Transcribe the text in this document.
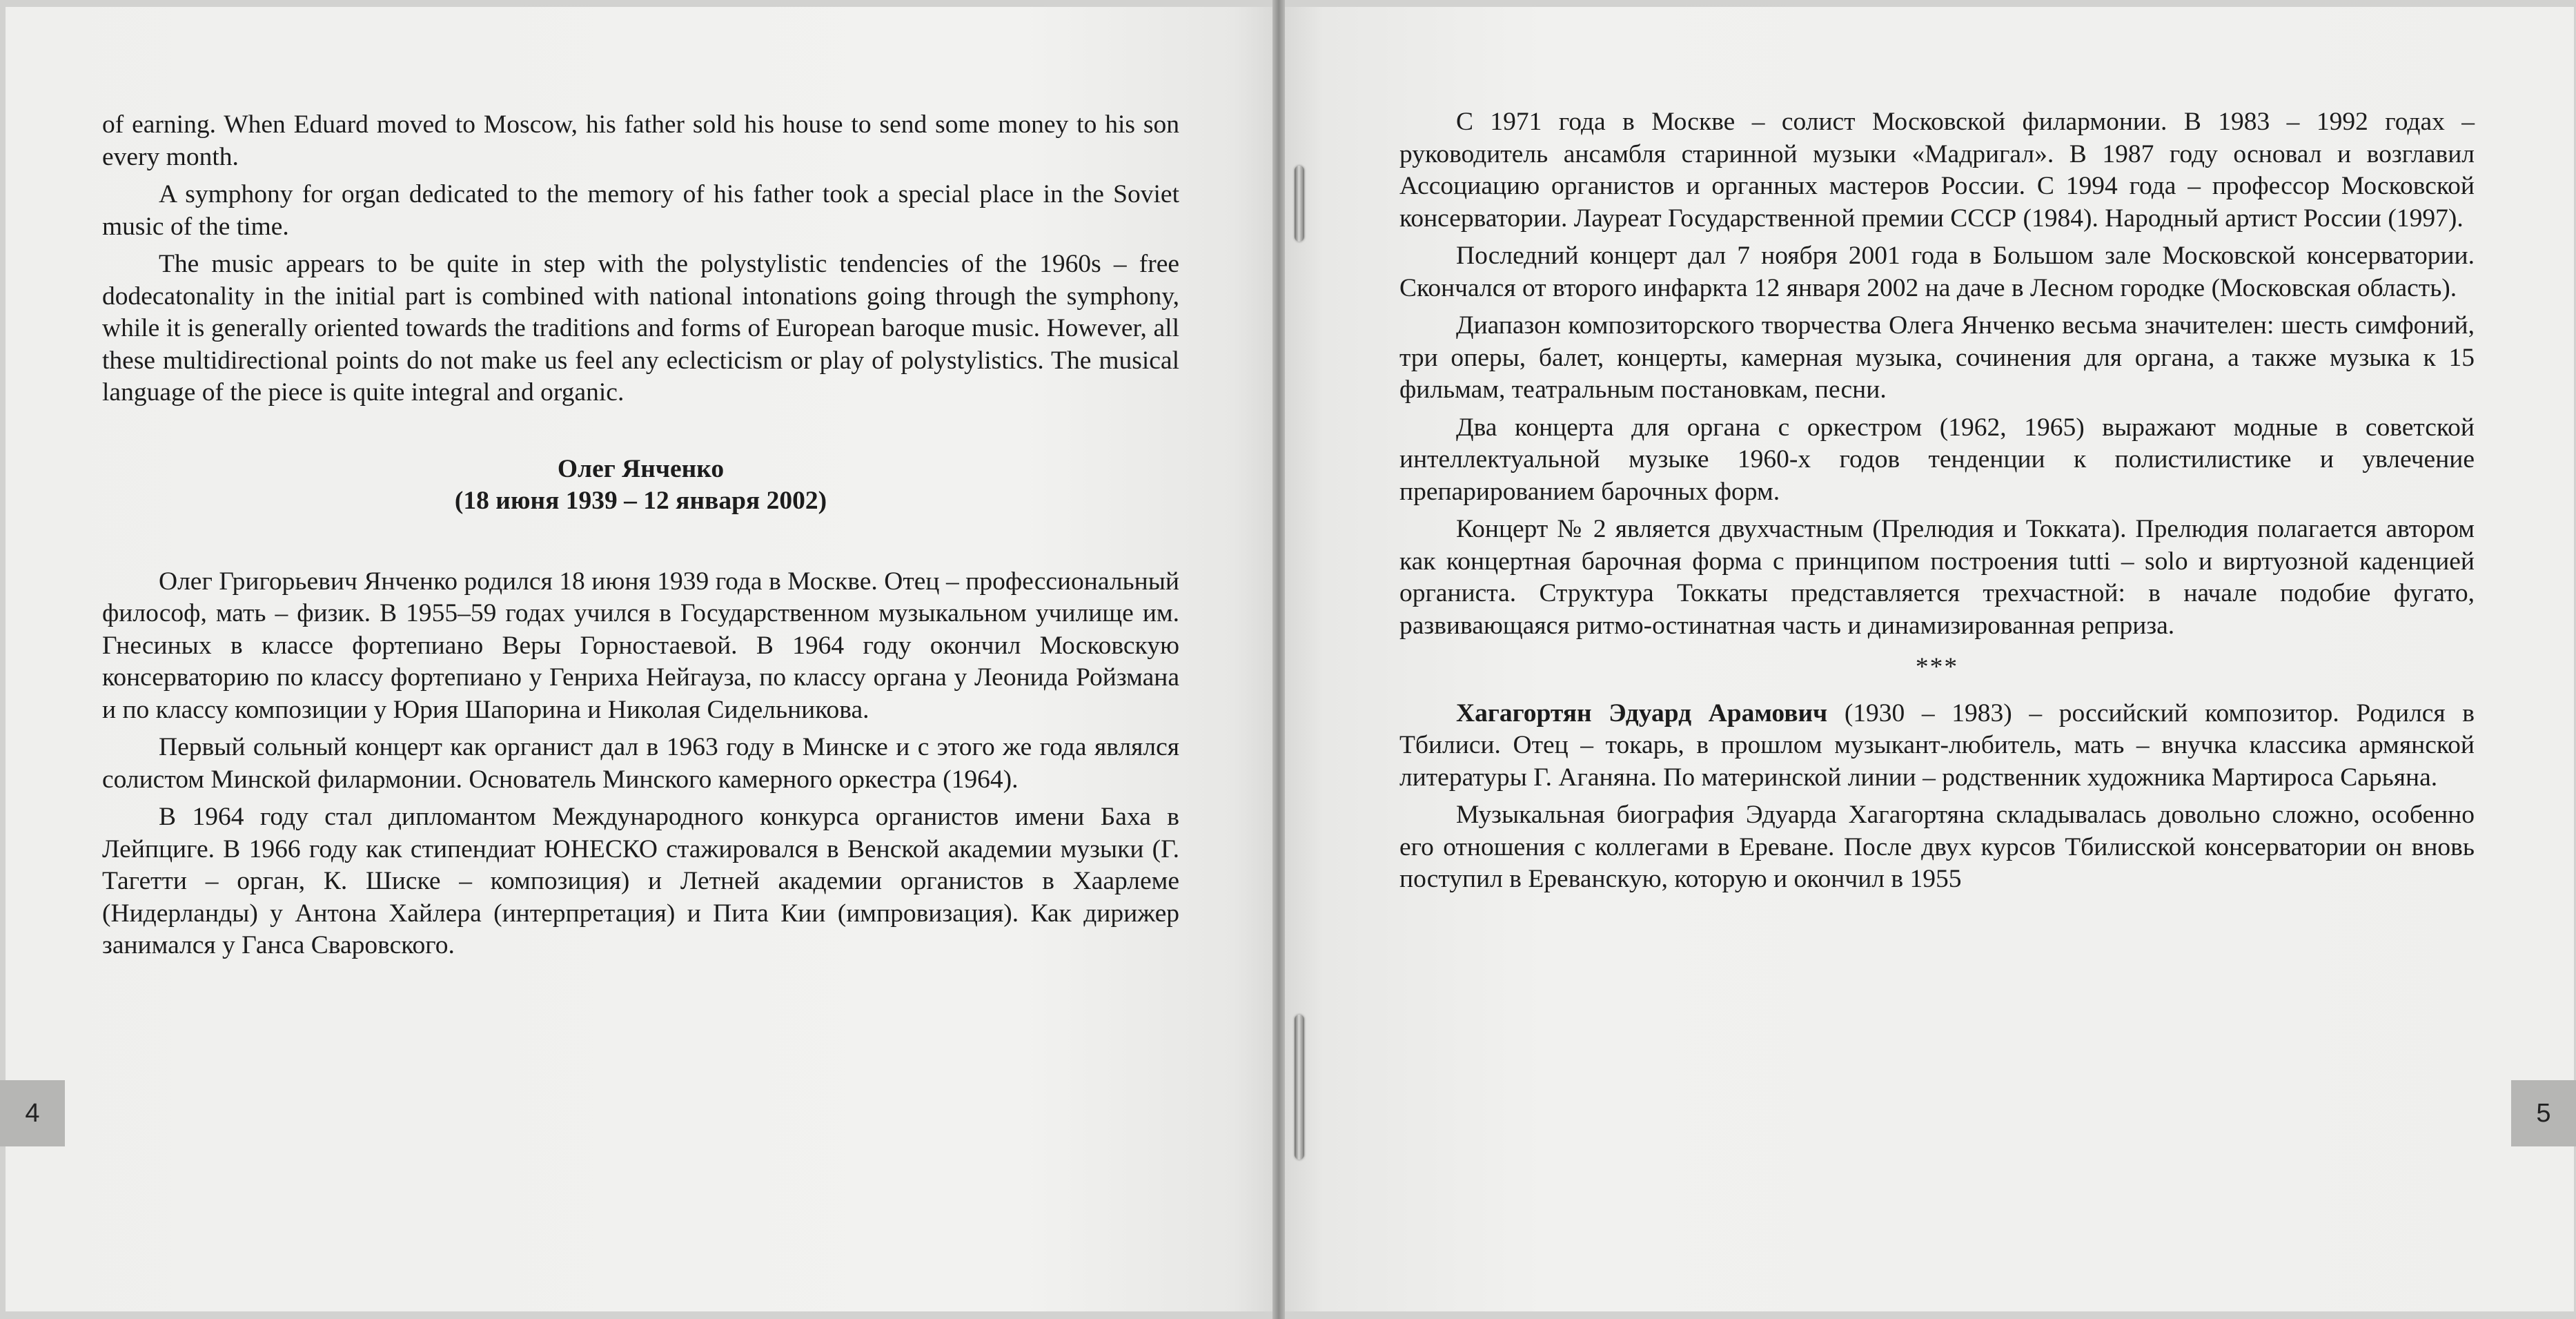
of earning. When Eduard moved to Moscow, his father sold his house to send some money to his son every month.

A symphony for organ dedicated to the memory of his father took a special place in the Soviet music of the time.

The music appears to be quite in step with the polystylistic tendencies of the 1960s – free dodecatonality in the initial part is combined with national intonations going through the symphony, while it is generally oriented towards the traditions and forms of European baroque music. However, all these multidirectional points do not make us feel any eclecticism or play of polystylistics. The musical language of the piece is quite integral and organic.

Олег Янченко

(18 июня 1939 – 12 января 2002)

Олег Григорьевич Янченко родился 18 июня 1939 года в Москве. Отец – профессиональный философ, мать – физик. В 1955–59 годах учился в Государственном музыкальном училище им. Гнесиных в классе фортепиано Веры Горностаевой. В 1964 году окончил Московскую консерваторию по классу фортепиано у Генриха Нейгауза, по классу органа у Леонида Ройзмана и по классу композиции у Юрия Шапорина и Николая Сидельникова.

Первый сольный концерт как органист дал в 1963 году в Минске и с этого же года являлся солистом Минской филармонии. Основатель Минского камерного оркестра (1964).

В 1964 году стал дипломантом Международного конкурса органистов имени Баха в Лейпциге. В 1966 году как стипендиат ЮНЕСКО стажировался в Венской академии музыки (Г. Тагетти – орган, К. Шиске – композиция) и Летней академии органистов в Хаарлеме (Нидерланды) у Антона Хайлера (интерпретация) и Пита Кии (импровизация). Как дирижер занимался у Ганса Сваровского.

С 1971 года в Москве – солист Московской филармонии. В 1983 – 1992 годах – руководитель ансамбля старинной музыки «Мадригал». В 1987 году основал и возглавил Ассоциацию органистов и органных мастеров России. С 1994 года – профессор Московской консерватории. Лауреат Государственной премии СССР (1984). Народный артист России (1997).

Последний концерт дал 7 ноября 2001 года в Большом зале Московской консерватории. Скончался от второго инфаркта 12 января 2002 на даче в Лесном городке (Московская область).

Диапазон композиторского творчества Олега Янченко весьма значителен: шесть симфоний, три оперы, балет, концерты, камерная музыка, сочинения для органа, а также музыка к 15 фильмам, театральным постановкам, песни.

Два концерта для органа с оркестром (1962, 1965) выражают модные в советской интеллектуальной музыке 1960-х годов тенденции к полистилистике и увлечение препарированием барочных форм.

Концерт № 2 является двухчастным (Прелюдия и Токката). Прелюдия полагается автором как концертная барочная форма с принципом построения tutti – solo и виртуозной каденцией органиста. Структура Токкаты представляется трехчастной: в начале подобие фугато, развивающаяся ритмо-остинатная часть и динамизированная реприза.

***

Хагагортян Эдуард Арамович (1930 – 1983) – российский композитор. Родился в Тбилиси. Отец – токарь, в прошлом музыкант-любитель, мать – внучка классика армянской литературы Г. Аганяна. По материнской линии – родственник художника Мартироса Сарьяна.

Музыкальная биография Эдуарда Хагагортяна складывалась довольно сложно, особенно его отношения с коллегами в Ереване. После двух курсов Тбилисской консерватории он вновь поступил в Ереванскую, которую и окончил в 1955

4	5
